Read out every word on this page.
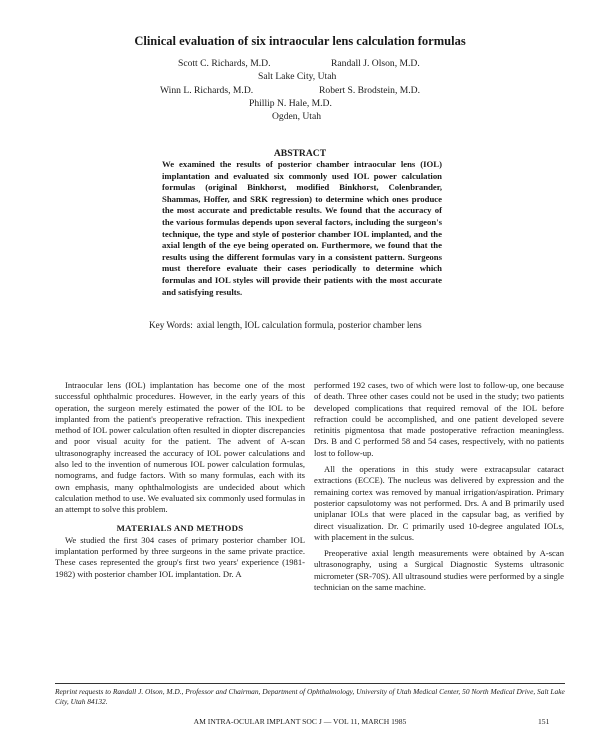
Clinical evaluation of six intraocular lens calculation formulas
Scott C. Richards, M.D.	Randall J. Olson, M.D.
Salt Lake City, Utah
Winn L. Richards, M.D.	Robert S. Brodstein, M.D.
Phillip N. Hale, M.D.
Ogden, Utah
ABSTRACT
We examined the results of posterior chamber intraocular lens (IOL) implantation and evaluated six commonly used IOL power calculation formulas (original Binkhorst, modified Binkhorst, Colenbrander, Shammas, Hoffer, and SRK regression) to determine which ones produce the most accurate and predictable results. We found that the accuracy of the various formulas depends upon several factors, including the surgeon's technique, the type and style of posterior chamber IOL implanted, and the axial length of the eye being operated on. Furthermore, we found that the results using the different formulas vary in a consistent pattern. Surgeons must therefore evaluate their cases periodically to determine which formulas and IOL styles will provide their patients with the most accurate and satisfying results.
Key Words: axial length, IOL calculation formula, posterior chamber lens

Intraocular lens (IOL) implantation has become one of the most successful ophthalmic procedures. However, in the early years of this operation, the surgeon merely estimated the power of the IOL to be implanted from the patient's preoperative refraction. This inexpedient method of IOL power calculation often resulted in diopter discrepancies and poor visual acuity for the patient. The advent of A-scan ultrasonography increased the accuracy of IOL power calculations and also led to the invention of numerous IOL power calculation formulas, nomograms, and fudge factors. With so many formulas, each with its own emphasis, many ophthalmologists are undecided about which calculation method to use. We evaluated six commonly used formulas in an attempt to solve this problem.

MATERIALS AND METHODS

We studied the first 304 cases of primary posterior chamber IOL implantation performed by three surgeons in the same private practice. These cases represented the group's first two years' experience (1981-1982) with posterior chamber IOL implantation. Dr. A

performed 192 cases, two of which were lost to follow-up, one because of death. Three other cases could not be used in the study; two patients developed complications that required removal of the IOL before refraction could be accomplished, and one patient developed severe retinitis pigmentosa that made postoperative refraction meaningless. Drs. B and C performed 58 and 54 cases, respectively, with no patients lost to follow-up.

All the operations in this study were extracapsular cataract extractions (ECCE). The nucleus was delivered by expression and the remaining cortex was removed by manual irrigation/aspiration. Primary posterior capsulotomy was not performed. Drs. A and B primarily used uniplanar IOLs that were placed in the capsular bag, as verified by direct visualization. Dr. C primarily used 10-degree angulated IOLs, with placement in the sulcus.

Preoperative axial length measurements were obtained by A-scan ultrasonography, using a Surgical Diagnostic Systems ultrasonic micrometer (SR-70S). All ultrasound studies were performed by a single technician on the same machine.

Reprint requests to Randall J. Olson, M.D., Professor and Chairman, Department of Ophthalmology, University of Utah Medical Center, 50 North Medical Drive, Salt Lake City, Utah 84132.
AM INTRA-OCULAR IMPLANT SOC J — VOL 11, MARCH 1985	151
